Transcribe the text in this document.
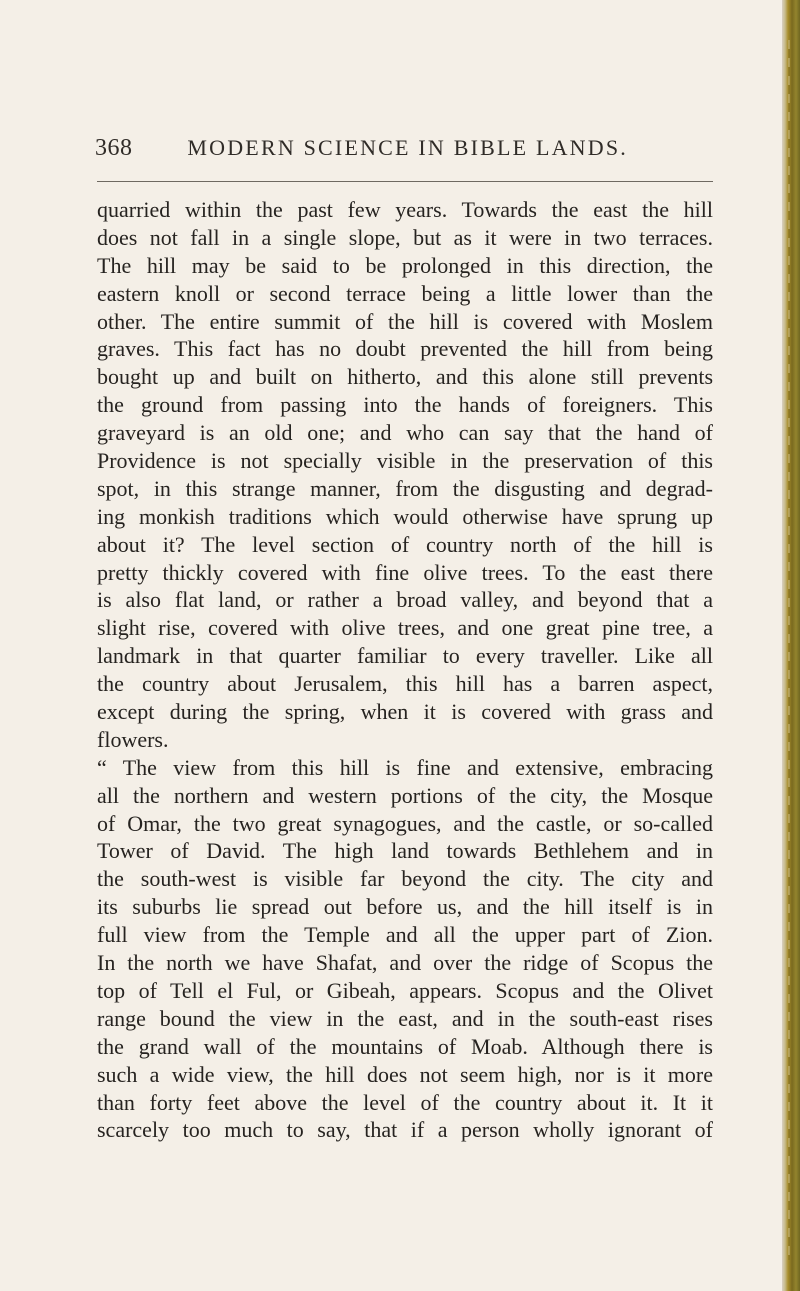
368 MODERN SCIENCE IN BIBLE LANDS.
quarried within the past few years. Towards the east the hill
does not fall in a single slope, but as it were in two terraces.
The hill may be said to be prolonged in this direction, the
eastern knoll or second terrace being a little lower than the
other. The entire summit of the hill is covered with Moslem
graves. This fact has no doubt prevented the hill from being
bought up and built on hitherto, and this alone still prevents
the ground from passing into the hands of foreigners. This
graveyard is an old one; and who can say that the hand of
Providence is not specially visible in the preservation of this
spot, in this strange manner, from the disgusting and degrad-
ing monkish traditions which would otherwise have sprung up
about it? The level section of country north of the hill is
pretty thickly covered with fine olive trees. To the east there
is also flat land, or rather a broad valley, and beyond that a
slight rise, covered with olive trees, and one great pine tree, a
landmark in that quarter familiar to every traveller. Like all
the country about Jerusalem, this hill has a barren aspect,
except during the spring, when it is covered with grass and
flowers.
“ The view from this hill is fine and extensive, embracing
all the northern and western portions of the city, the Mosque
of Omar, the two great synagogues, and the castle, or so-called
Tower of David. The high land towards Bethlehem and in
the south-west is visible far beyond the city. The city and
its suburbs lie spread out before us, and the hill itself is in
full view from the Temple and all the upper part of Zion.
In the north we have Shafat, and over the ridge of Scopus the
top of Tell el Ful, or Gibeah, appears. Scopus and the Olivet
range bound the view in the east, and in the south-east rises
the grand wall of the mountains of Moab. Although there is
such a wide view, the hill does not seem high, nor is it more
than forty feet above the level of the country about it. It it
scarcely too much to say, that if a person wholly ignorant of
